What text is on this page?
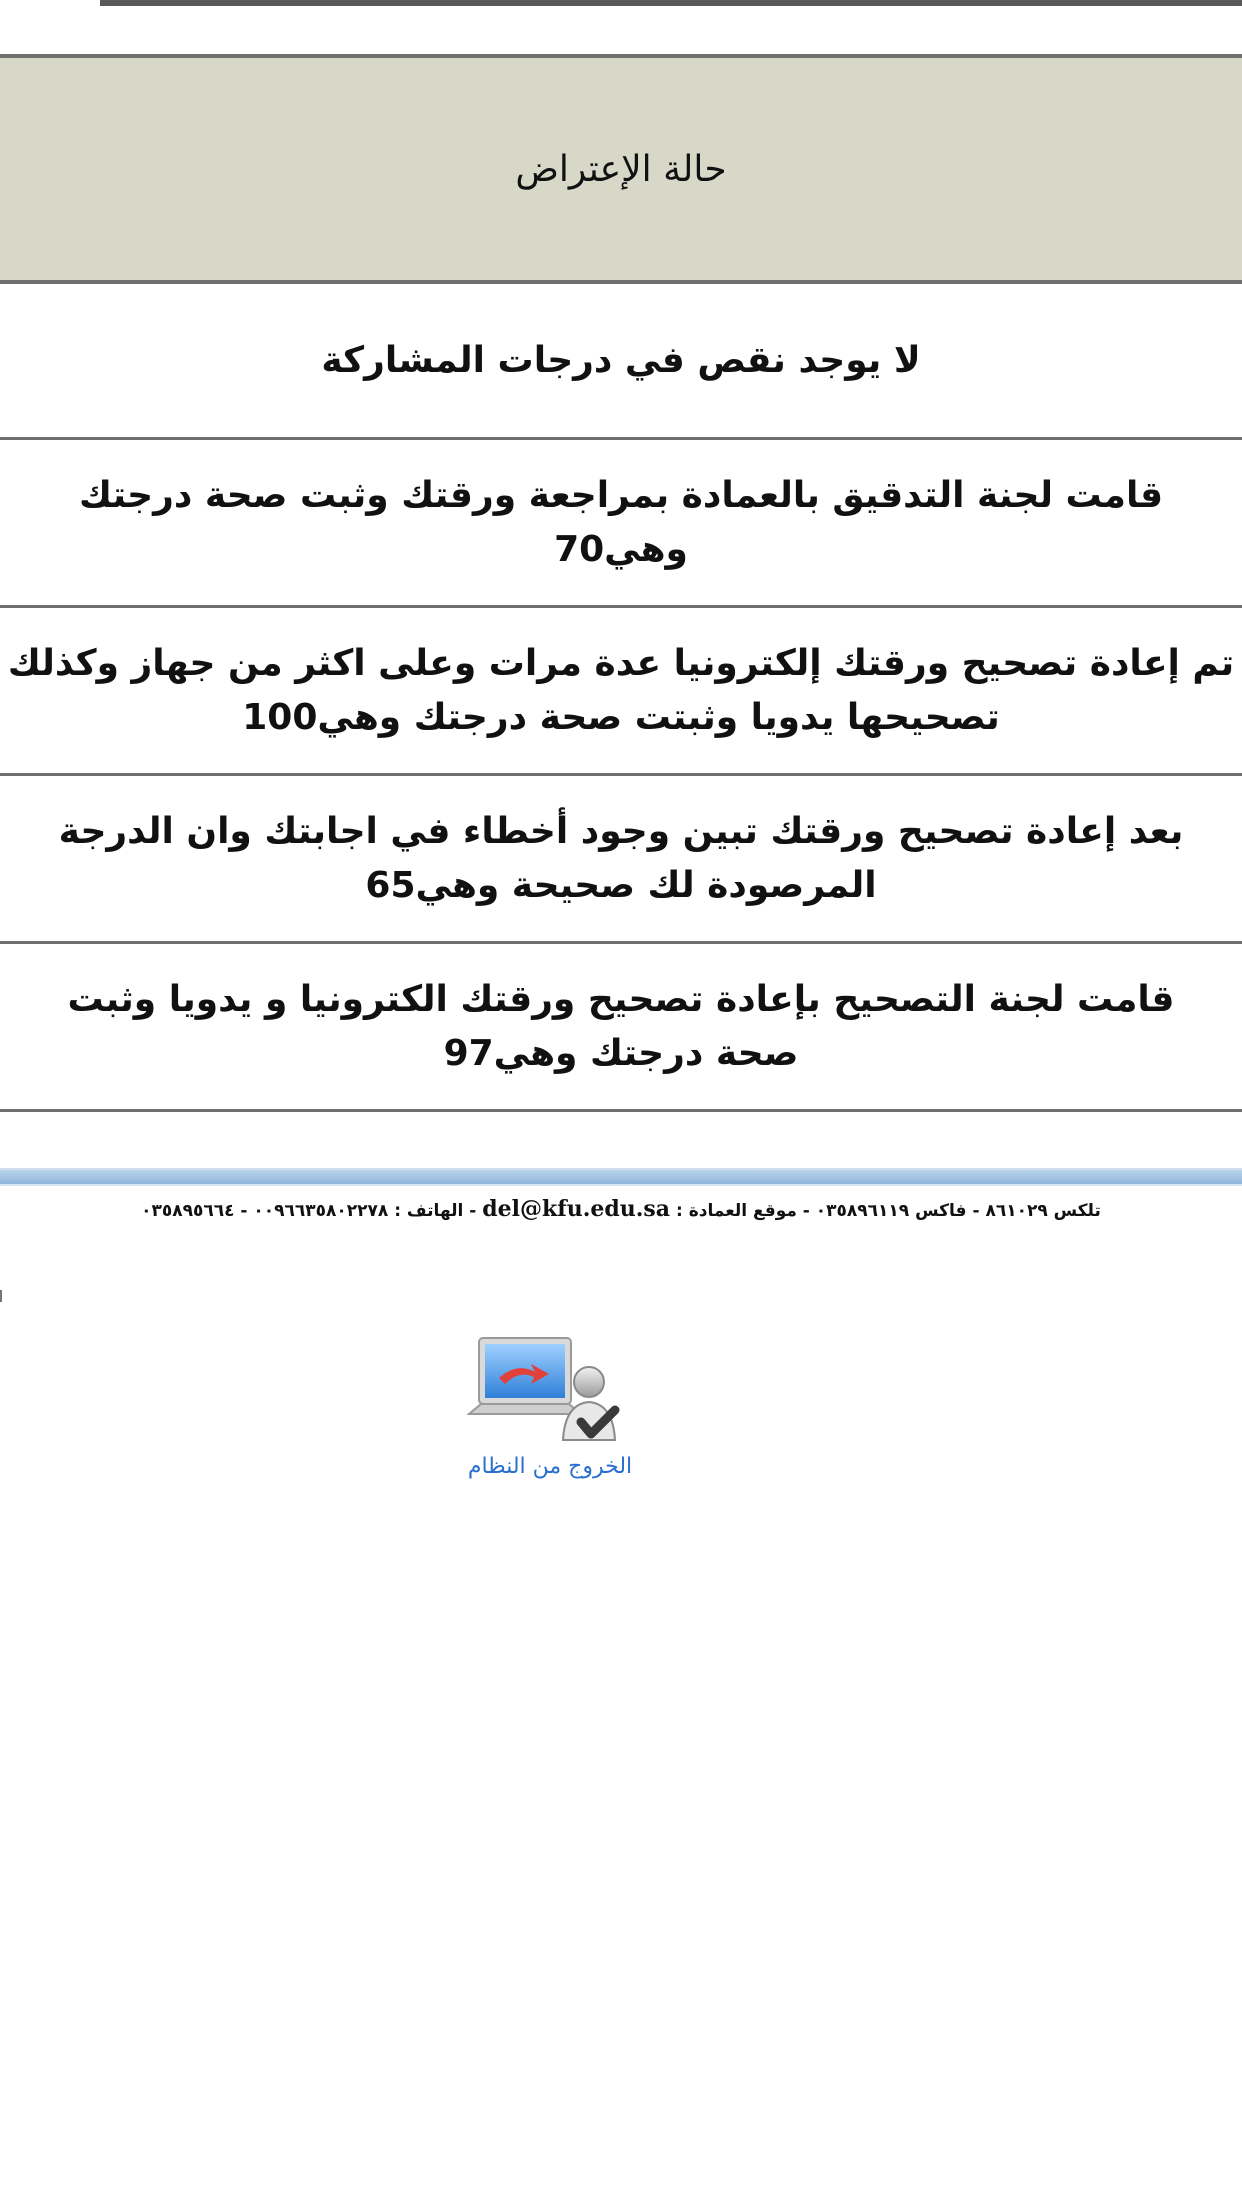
حالة الإعتراض
لا يوجد نقص في درجات المشاركة
قامت لجنة التدقيق بالعمادة بمراجعة ورقتك وثبت صحة درجتك
وهي70
تم إعادة تصحيح ورقتك إلكترونيا عدة مرات وعلى اكثر من جهاز وكذلك
تصحيحها يدويا وثبتت صحة درجتك وهي100
بعد إعادة تصحيح ورقتك تبين وجود أخطاء في اجابتك وان الدرجة
المرصودة لك صحيحة وهي65
قامت لجنة التصحيح بإعادة تصحيح ورقتك الكترونيا و يدويا وثبت
صحة درجتك وهي97
تلكس ٨٦١٠٢٩ - فاكس ٠٣٥٨٩٦١١٩ - موقع العمادة : del@kfu.edu.sa - الهاتف : ٠٠٩٦٦٣٥٨٠٢٢٧٨ - ٠٣٥٨٩٥٦٦٤
الخروج من النظام
